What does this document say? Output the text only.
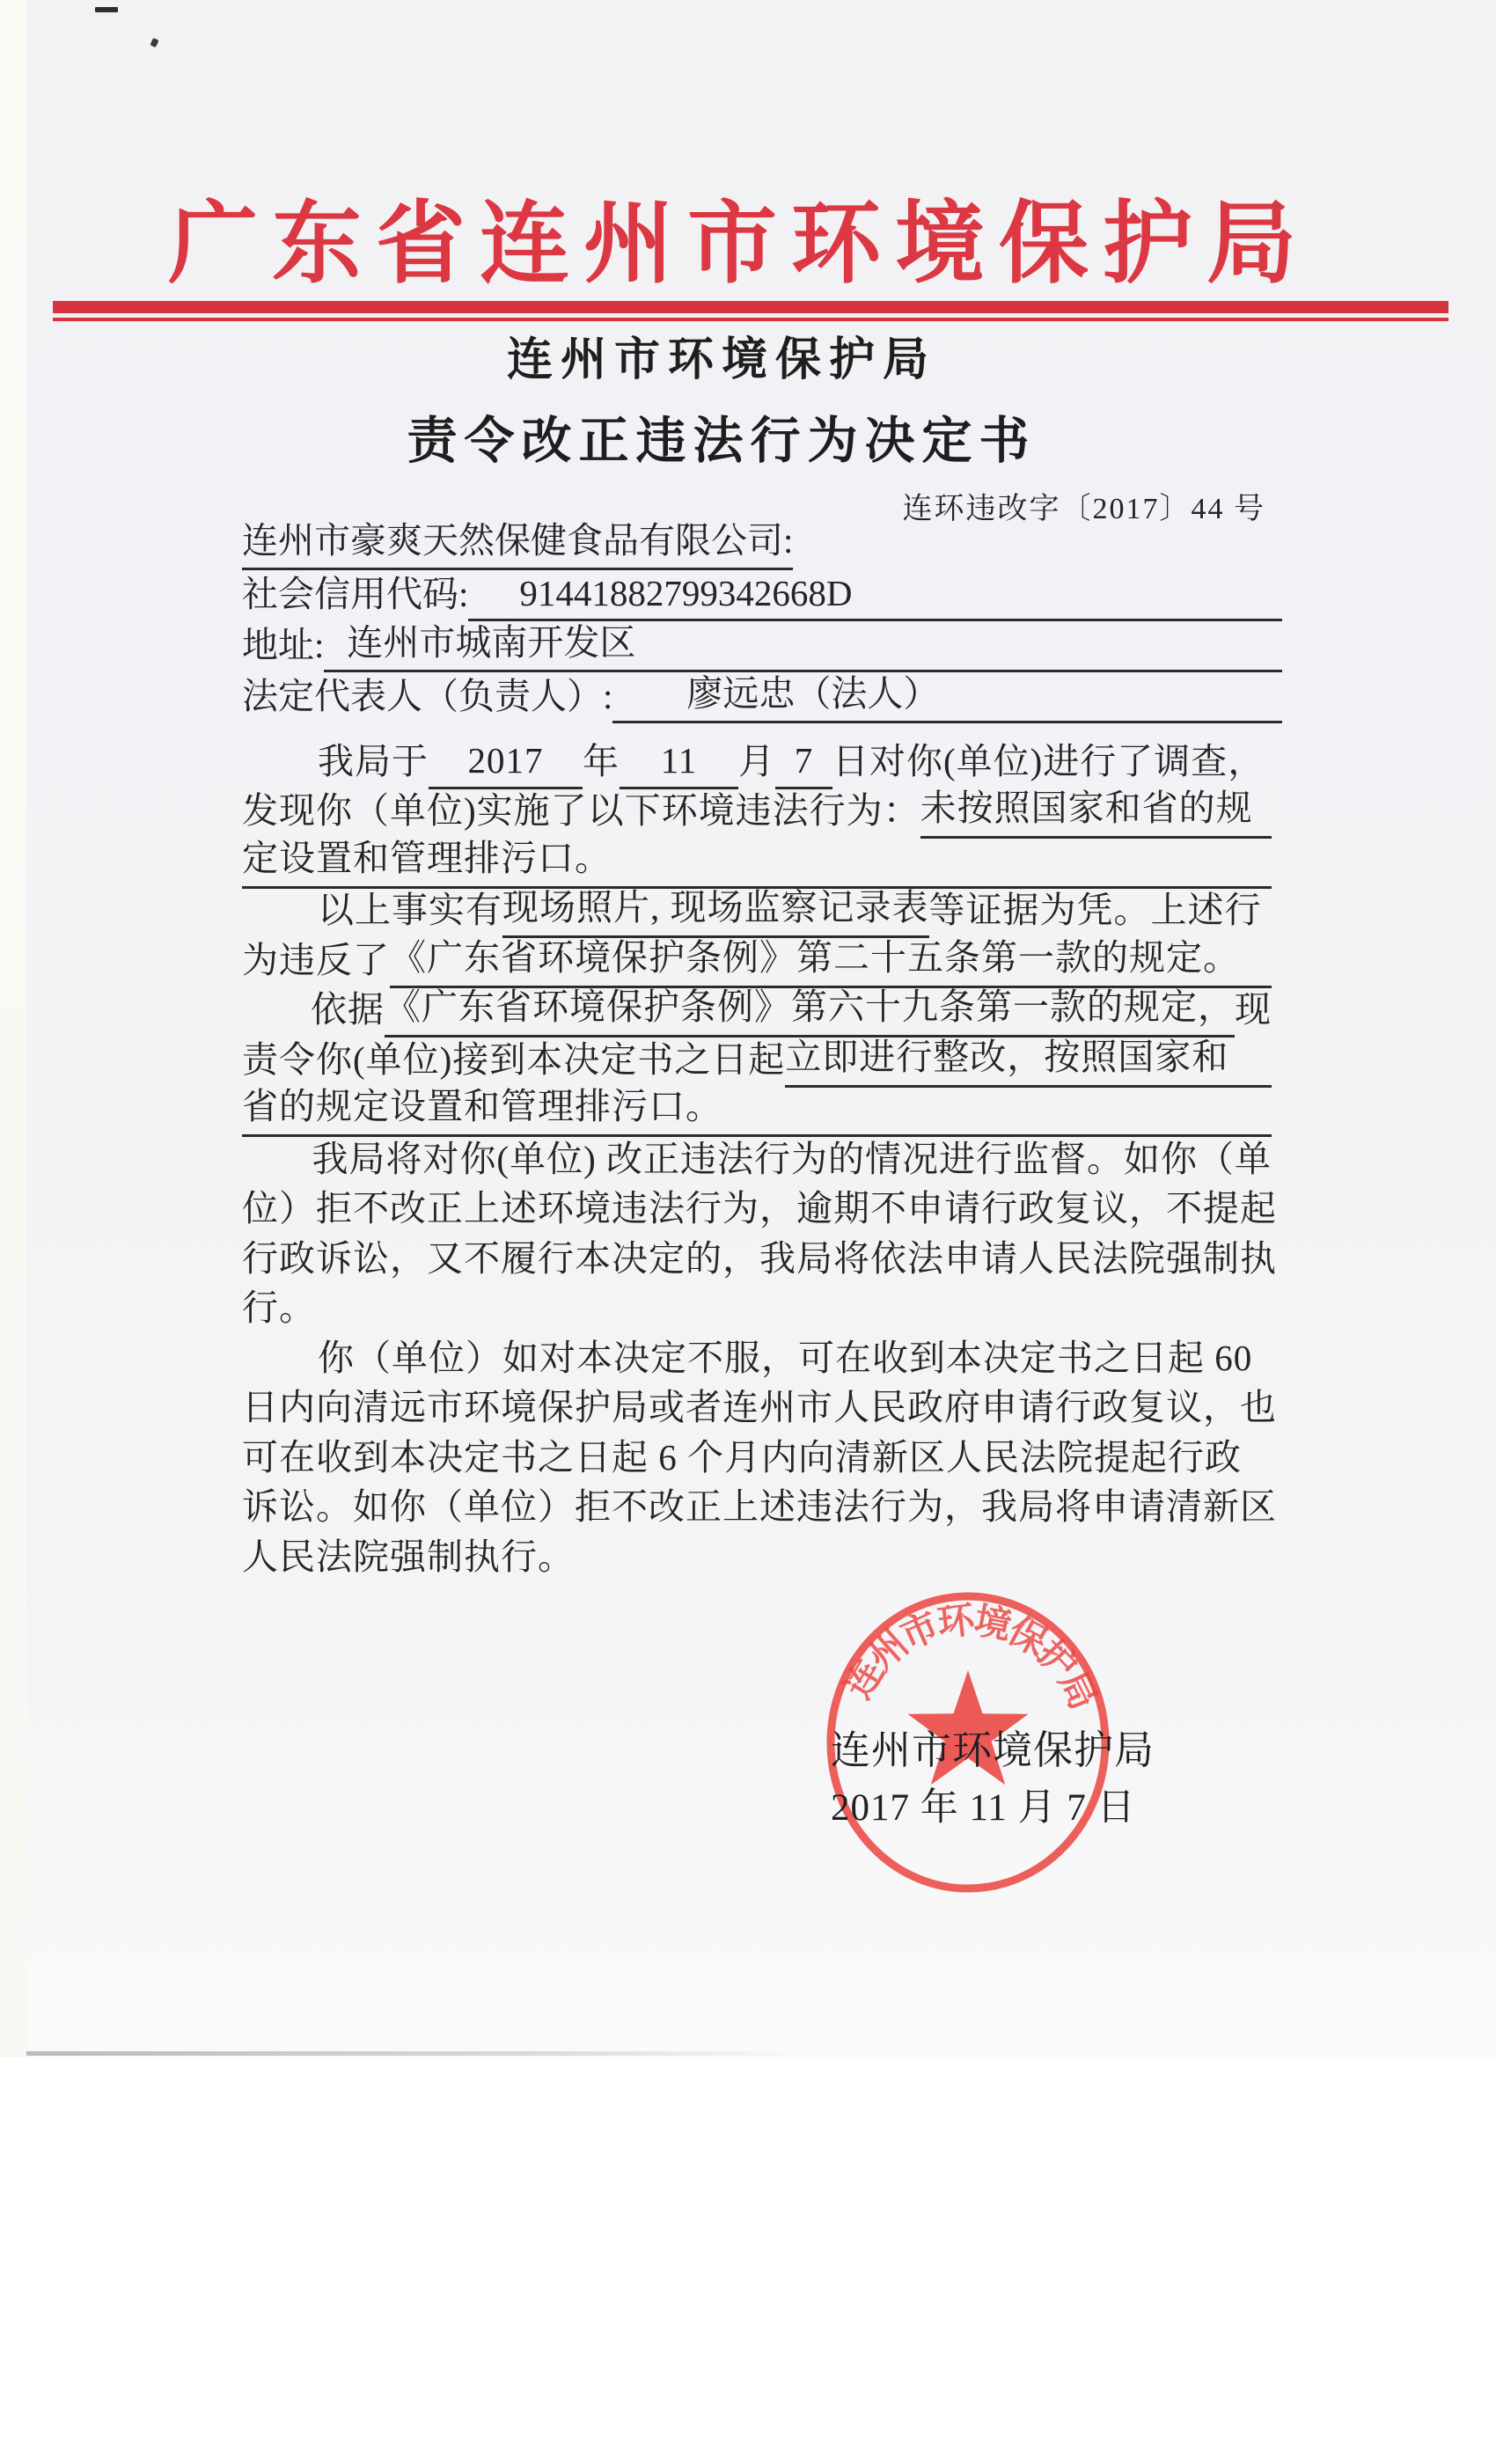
广东省连州市环境保护局
连州市环境保护局
责令改正违法行为决定书
连环违改字〔2017〕44 号
连州市豪爽天然保健食品有限公司:
社会信用代码:	91441882799342668D
地址: 连州市城南开发区
法定代表人（负责人）:	廖远忠（法人）
我局于	2017	年	11	月 7 日对你(单位)进行了调查，
发现你（单位)实施了以下环境违法行为： 未按照国家和省的规
定设置和管理排污口。
以上事实有 现场照片, 现场监察记录表 等证据为凭。上述行
为违反了 《广东省环境保护条例》第二十五条第一款的规定。
依据 《广东省环境保护条例》第六十九条第一款的规定， 现
责令你(单位)接到本决定书之日起 立即进行整改，按照国家和
省的规定设置和管理排污口。
我局将对你(单位) 改正违法行为的情况进行监督。如你（单
位）拒不改正上述环境违法行为，逾期不申请行政复议，不提起
行政诉讼，又不履行本决定的，我局将依法申请人民法院强制执
行。
你（单位）如对本决定不服，可在收到本决定书之日起 60
日内向清远市环境保护局或者连州市人民政府申请行政复议，也
可在收到本决定书之日起 6 个月内向清新区人民法院提起行政
诉讼。如你（单位）拒不改正上述违法行为，我局将申请清新区
人民法院强制执行。
连州市环境保护局
连州市环境保护局
2017 年 11 月 7 日
